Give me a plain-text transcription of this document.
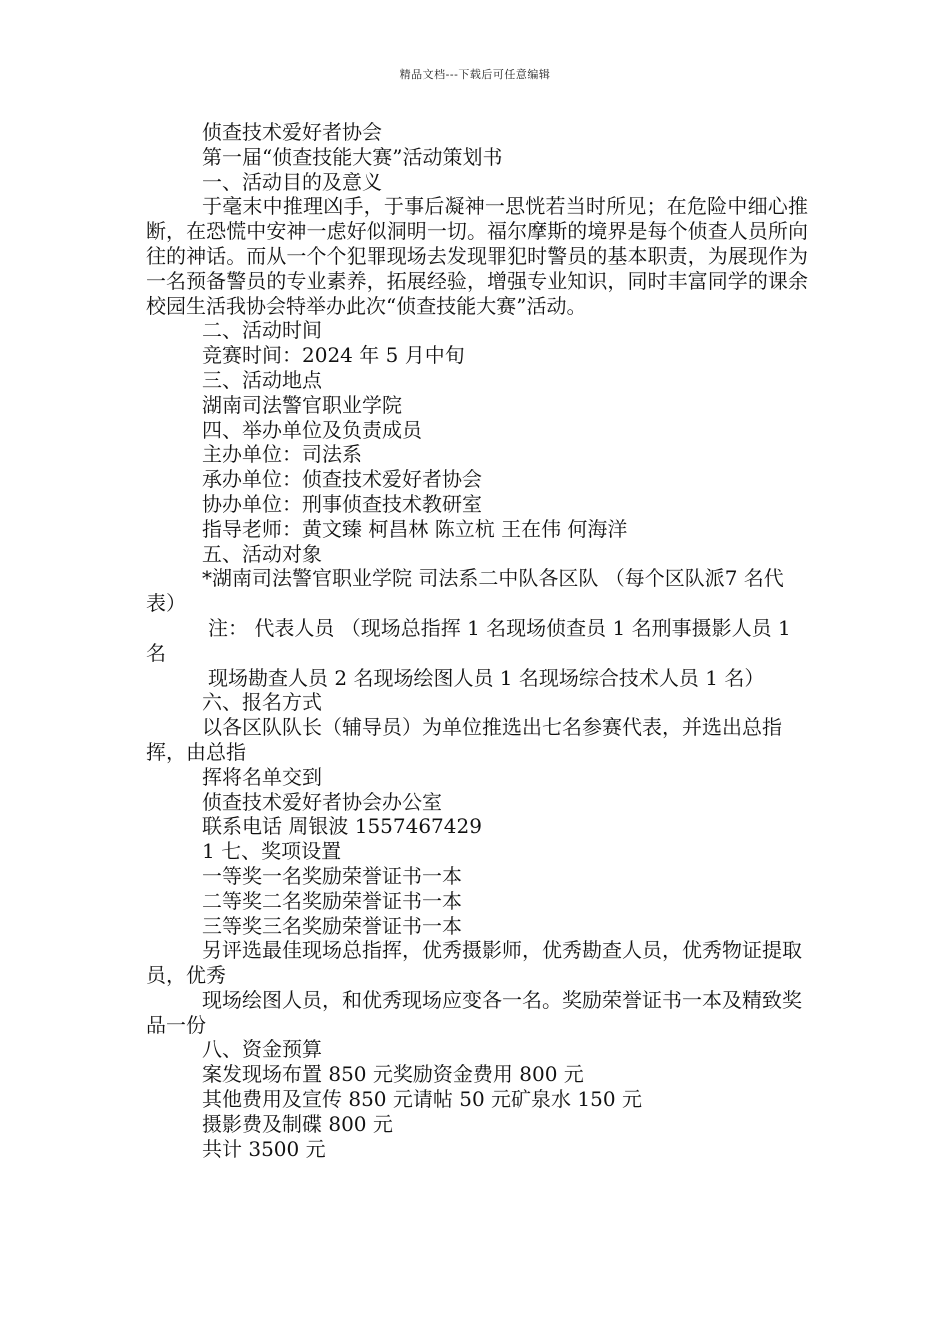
精品文档---下载后可任意编辑

侦查技术爱好者协会

第一届“侦查技能大赛”活动策划书

一、活动目的及意义

于毫末中推理凶手，于事后凝神一思恍若当时所见；在危险中细心推断，在恐慌中安神一虑好似洞明一切。福尔摩斯的境界是每个侦查人员所向往的神话。而从一个个犯罪现场去发现罪犯时警员的基本职责，为展现作为一名预备警员的专业素养，拓展经验，增强专业知识，同时丰富同学的课余校园生活我协会特举办此次“侦查技能大赛”活动。

二、活动时间

竞赛时间：2024 年 5 月中旬

三、活动地点

湖南司法警官职业学院

四、举办单位及负责成员

主办单位：司法系

承办单位：侦查技术爱好者协会

协办单位：刑事侦查技术教研室

指导老师：黄文臻 柯昌林 陈立杭 王在伟 何海洋

五、活动对象

*湖南司法警官职业学院 司法系二中队各区队 （每个区队派7 名代表）

注： 代表人员 （现场总指挥 1 名现场侦查员 1 名刑事摄影人员 1 名

现场勘查人员 2 名现场绘图人员 1 名现场综合技术人员 1 名）

六、报名方式

以各区队队长（辅导员）为单位推选出七名参赛代表，并选出总指挥，由总指

挥将名单交到

侦查技术爱好者协会办公室

联系电话 周银波 1557467429

1 七、奖项设置

一等奖一名奖励荣誉证书一本

二等奖二名奖励荣誉证书一本

三等奖三名奖励荣誉证书一本

另评选最佳现场总指挥，优秀摄影师，优秀勘查人员，优秀物证提取员，优秀

现场绘图人员，和优秀现场应变各一名。奖励荣誉证书一本及精致奖品一份

八、资金预算

案发现场布置 850 元奖励资金费用 800 元

其他费用及宣传 850 元请帖 50 元矿泉水 150 元

摄影费及制碟 800 元

共计 3500 元
